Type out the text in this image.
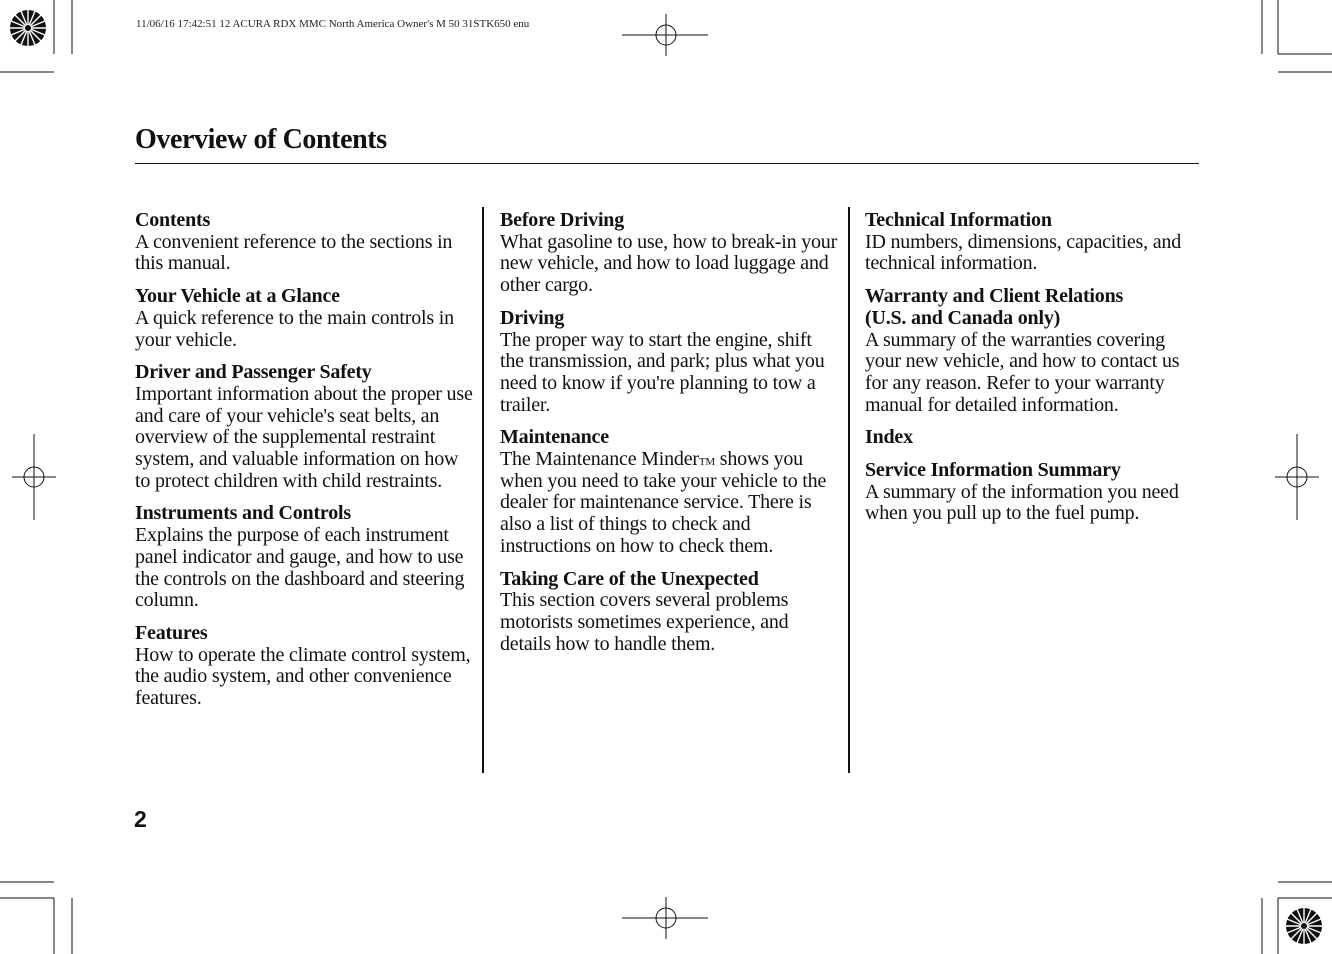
11/06/16 17:42:51 12 ACURA RDX MMC North America Owner's M 50 31STK650 enu
Overview of Contents
Contents
A convenient reference to the sections in this manual.
Your Vehicle at a Glance
A quick reference to the main controls in your vehicle.
Driver and Passenger Safety
Important information about the proper use and care of your vehicle's seat belts, an overview of the supplemental restraint system, and valuable information on how to protect children with child restraints.
Instruments and Controls
Explains the purpose of each instrument panel indicator and gauge, and how to use the controls on the dashboard and steering column.
Features
How to operate the climate control system, the audio system, and other convenience features.
Before Driving
What gasoline to use, how to break-in your new vehicle, and how to load luggage and other cargo.
Driving
The proper way to start the engine, shift the transmission, and park; plus what you need to know if you're planning to tow a trailer.
Maintenance
The Maintenance Minder™ shows you when you need to take your vehicle to the dealer for maintenance service. There is also a list of things to check and instructions on how to check them.
Taking Care of the Unexpected
This section covers several problems motorists sometimes experience, and details how to handle them.
Technical Information
ID numbers, dimensions, capacities, and technical information.
Warranty and Client Relations
(U.S. and Canada only)
A summary of the warranties covering your new vehicle, and how to contact us for any reason. Refer to your warranty manual for detailed information.
Index
Service Information Summary
A summary of the information you need when you pull up to the fuel pump.
2
